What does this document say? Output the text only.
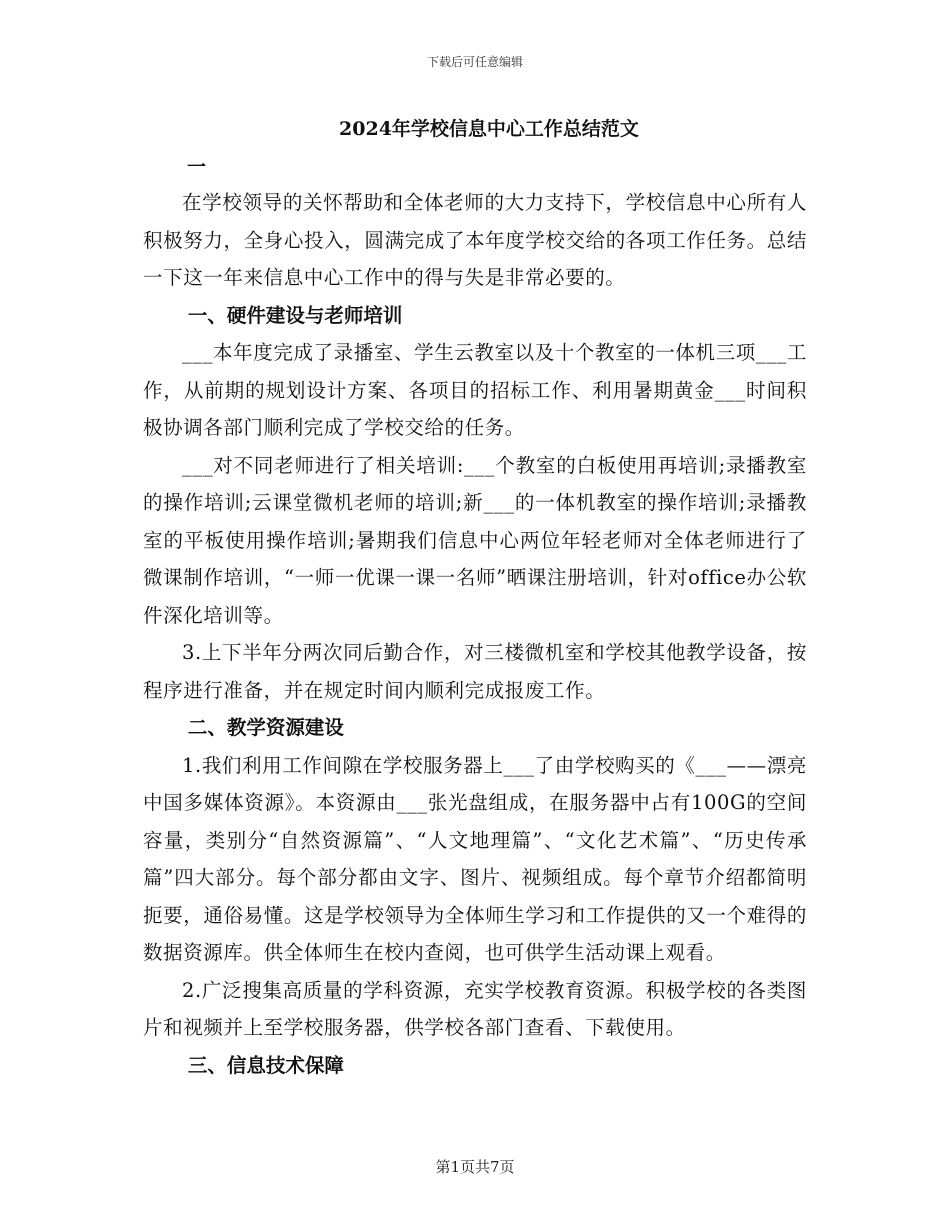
下载后可任意编辑
2024年学校信息中心工作总结范文
一

在学校领导的关怀帮助和全体老师的大力支持下，学校信息中心所有人积极努力，全身心投入，圆满完成了本年度学校交给的各项工作任务。总结一下这一年来信息中心工作中的得与失是非常必要的。

一、硬件建设与老师培训

___本年度完成了录播室、学生云教室以及十个教室的一体机三项___工作，从前期的规划设计方案、各项目的招标工作、利用暑期黄金___时间积极协调各部门顺利完成了学校交给的任务。

___对不同老师进行了相关培训:___个教室的白板使用再培训;录播教室的操作培训;云课堂微机老师的培训;新___的一体机教室的操作培训;录播教室的平板使用操作培训;暑期我们信息中心两位年轻老师对全体老师进行了微课制作培训，“一师一优课一课一名师”晒课注册培训，针对office办公软件深化培训等。

3.上下半年分两次同后勤合作，对三楼微机室和学校其他教学设备，按程序进行准备，并在规定时间内顺利完成报废工作。

二、教学资源建设

1.我们利用工作间隙在学校服务器上___了由学校购买的《___——漂亮中国多媒体资源》。本资源由___张光盘组成，在服务器中占有100G的空间容量，类别分“自然资源篇”、“人文地理篇”、“文化艺术篇”、“历史传承篇”四大部分。每个部分都由文字、图片、视频组成。每个章节介绍都简明扼要，通俗易懂。这是学校领导为全体师生学习和工作提供的又一个难得的数据资源库。供全体师生在校内查阅，也可供学生活动课上观看。

2.广泛搜集高质量的学科资源，充实学校教育资源。积极学校的各类图片和视频并上至学校服务器，供学校各部门查看、下载使用。

三、信息技术保障

第1页共7页
